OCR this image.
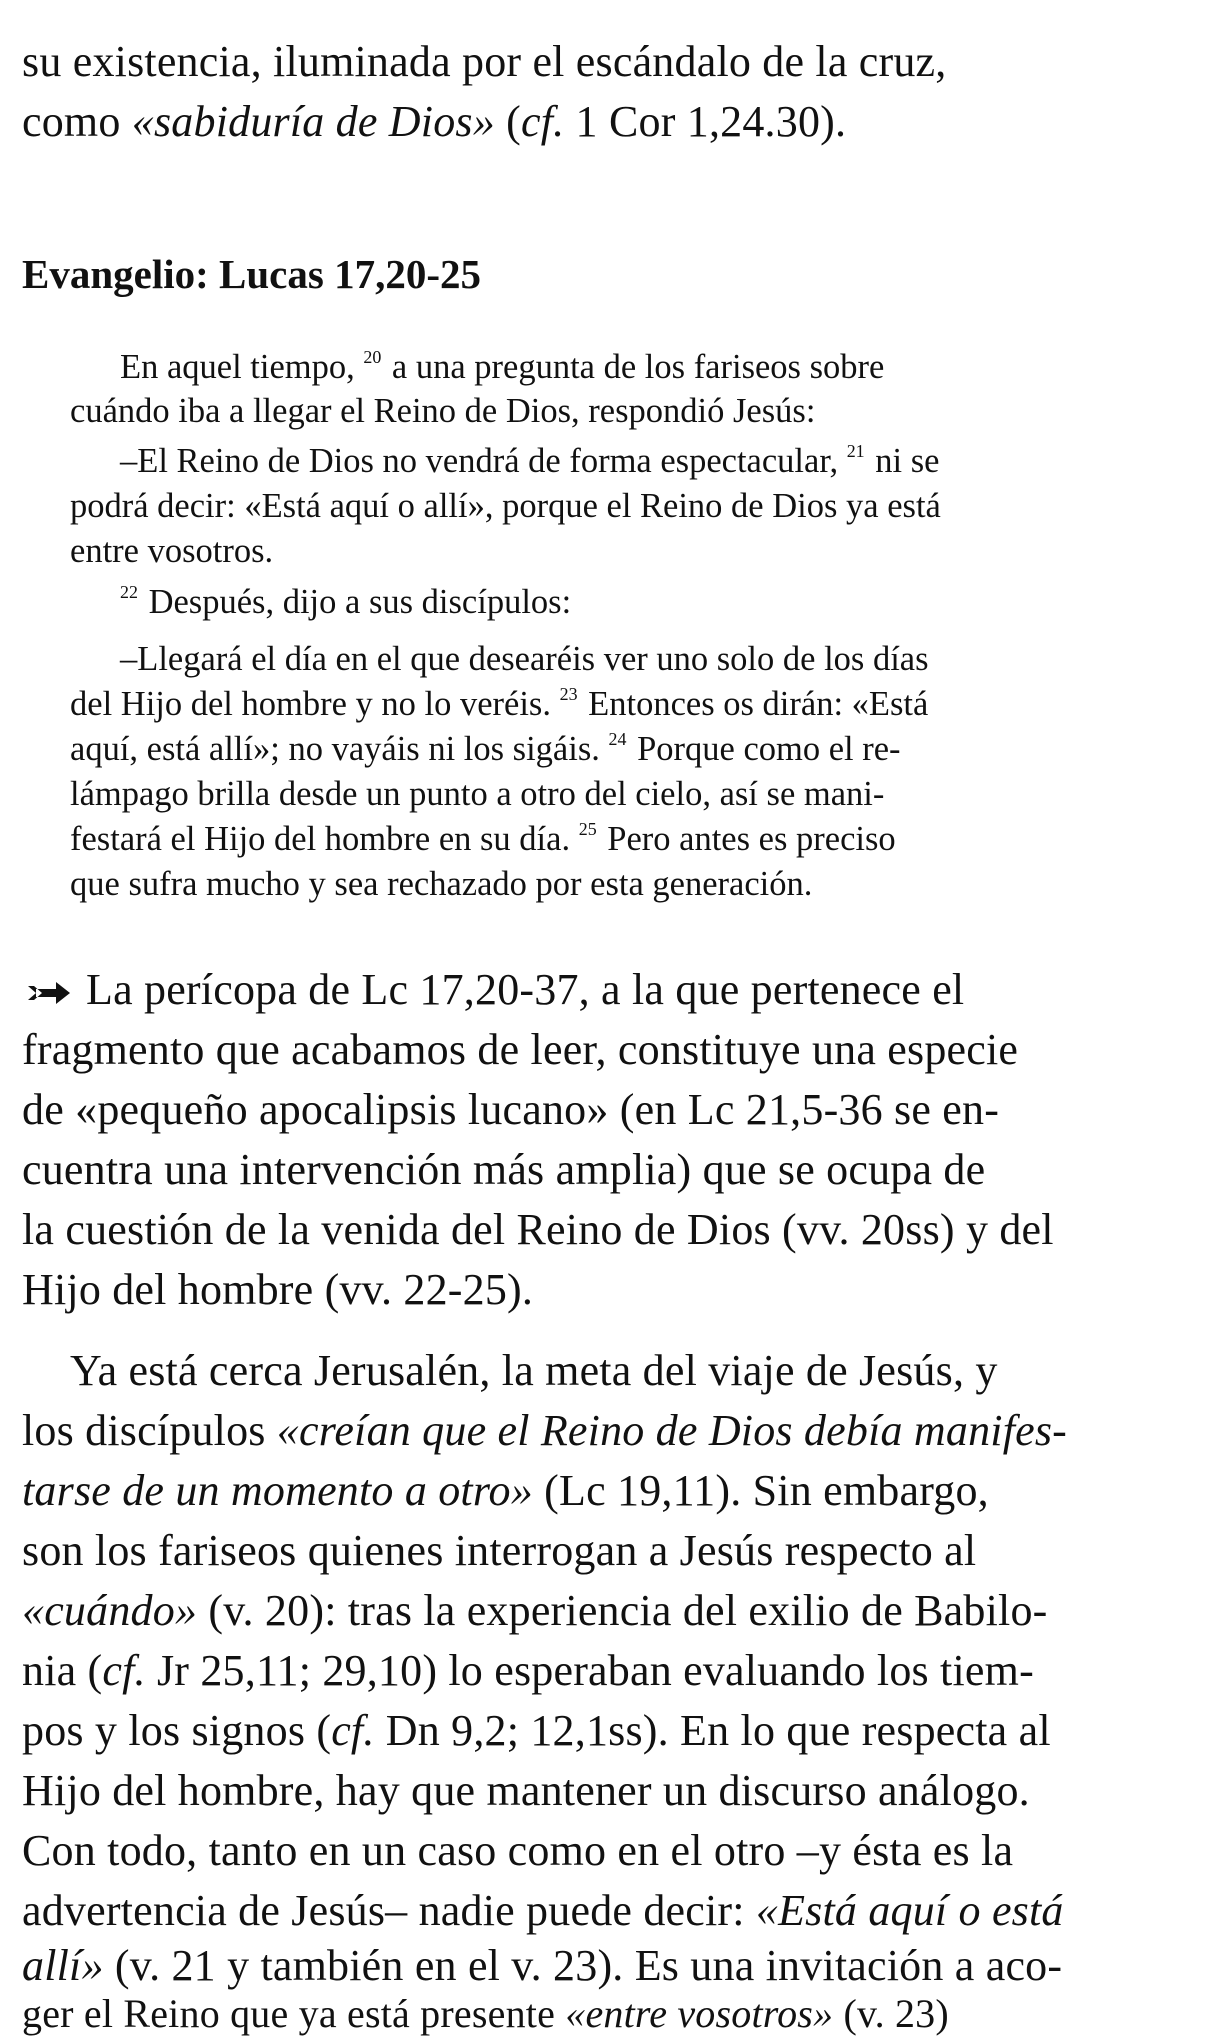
su existencia, iluminada por el escándalo de la cruz,

como «sabiduría de Dios» (cf. 1 Cor 1,24.30).

Evangelio: Lucas 17,20-25

En aquel tiempo, $^{20}$ a una pregunta de los fariseos sobre

cuándo iba a llegar el Reino de Dios, respondió Jesús:

–El Reino de Dios no vendrá de forma espectacular, $^{21}$ ni se

podrá decir: «Está aquí o allí», porque el Reino de Dios ya está

entre vosotros.

$^{22}$ Después, dijo a sus discípulos:

–Llegará el día en el que desearéis ver uno solo de los días

del Hijo del hombre y no lo veréis. $^{23}$ Entonces os dirán: «Está

aquí, está allí»; no vayáis ni los sigáis. $^{24}$ Porque como el re-

lámpago brilla desde un punto a otro del cielo, así se mani-

festará el Hijo del hombre en su día. $^{25}$ Pero antes es preciso

que sufra mucho y sea rechazado por esta generación.

La perícopa de Lc 17,20-37, a la que pertenece el

fragmento que acabamos de leer, constituye una especie

de «pequeño apocalipsis lucano» (en Lc 21,5-36 se en-

cuentra una intervención más amplia) que se ocupa de

la cuestión de la venida del Reino de Dios (vv. 20ss) y del

Hijo del hombre (vv. 22-25).

Ya está cerca Jerusalén, la meta del viaje de Jesús, y

los discípulos «creían que el Reino de Dios debía manifes-

tarse de un momento a otro» (Lc 19,11). Sin embargo,

son los fariseos quienes interrogan a Jesús respecto al

«cuándo» (v. 20): tras la experiencia del exilio de Babilo-

nia (cf. Jr 25,11; 29,10) lo esperaban evaluando los tiem-

pos y los signos (cf. Dn 9,2; 12,1ss). En lo que respecta al

Hijo del hombre, hay que mantener un discurso análogo.

Con todo, tanto en un caso como en el otro –y ésta es la

advertencia de Jesús– nadie puede decir: «Está aquí o está

allí» (v. 21 y también en el v. 23). Es una invitación a aco-

ger el Reino que ya está presente «entre vosotros» (v. 23)
